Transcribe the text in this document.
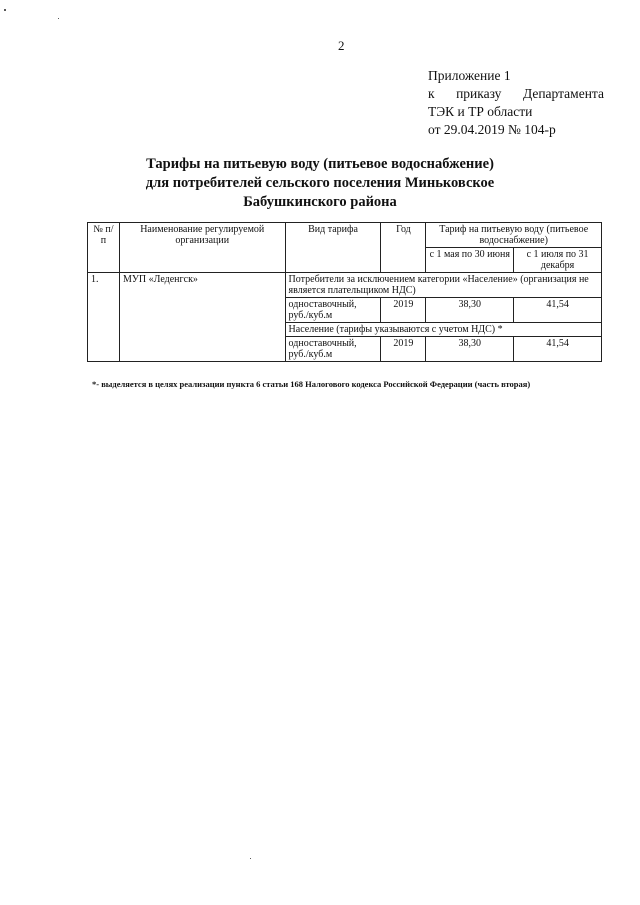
2
Приложение 1
к приказу Департамента
ТЭК и ТР области
от 29.04.2019 № 104-р
Тарифы на питьевую воду (питьевое водоснабжение)
для потребителей сельского поселения Миньковское
Бабушкинского района
№ п/п	Наименование регулируемой организации	Вид тарифа	Год	Тариф на питьевую воду (питьевое водоснабжение)	
				с 1 мая по 30 июня	с 1 июля по 31 декабря
1.	МУП «Леденгск»	Потребители за исключением категории «Население» (организация не является плательщиком НДС)			
		одноставочный, руб./куб.м	2019	38,30	41,54
		Население (тарифы указываются с учетом НДС) *			
		одноставочный, руб./куб.м	2019	38,30	41,54
*- выделяется в целях реализации пункта 6 статьи 168 Налогового кодекса Российской Федерации (часть вторая)
